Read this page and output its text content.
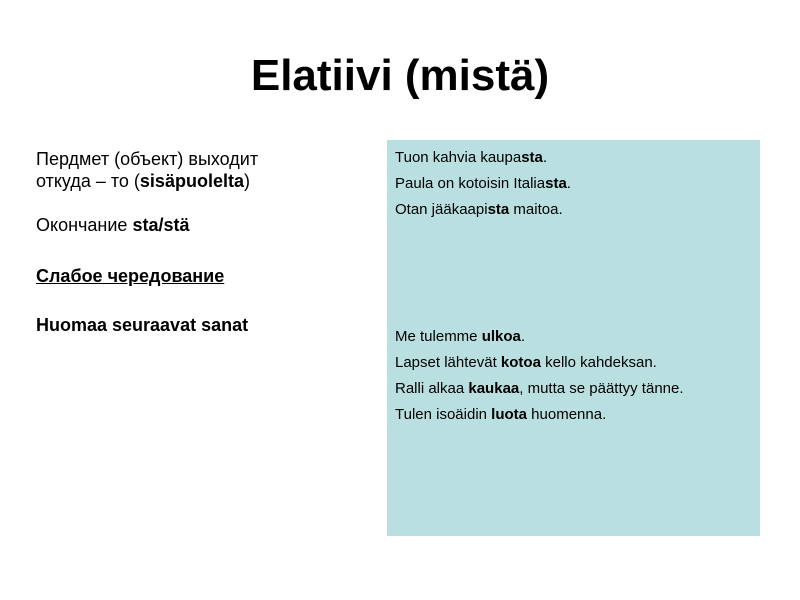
Elatiivi (mistä)

Пердмет (объект) выходит

откуда – то (sisäpuolelta)

Окончание sta/stä

Слабое чередование

Huomaa seuraavat sanat

Tuon kahvia kaupasta.

Paula on kotoisin Italiasta.

Otan jääkaapista maitoa.

Me tulemme ulkoa.

Lapset lähtevät kotoa kello kahdeksan.

Ralli alkaa kaukaa, mutta se päättyy tänne.

Tulen isoäidin luota huomenna.
